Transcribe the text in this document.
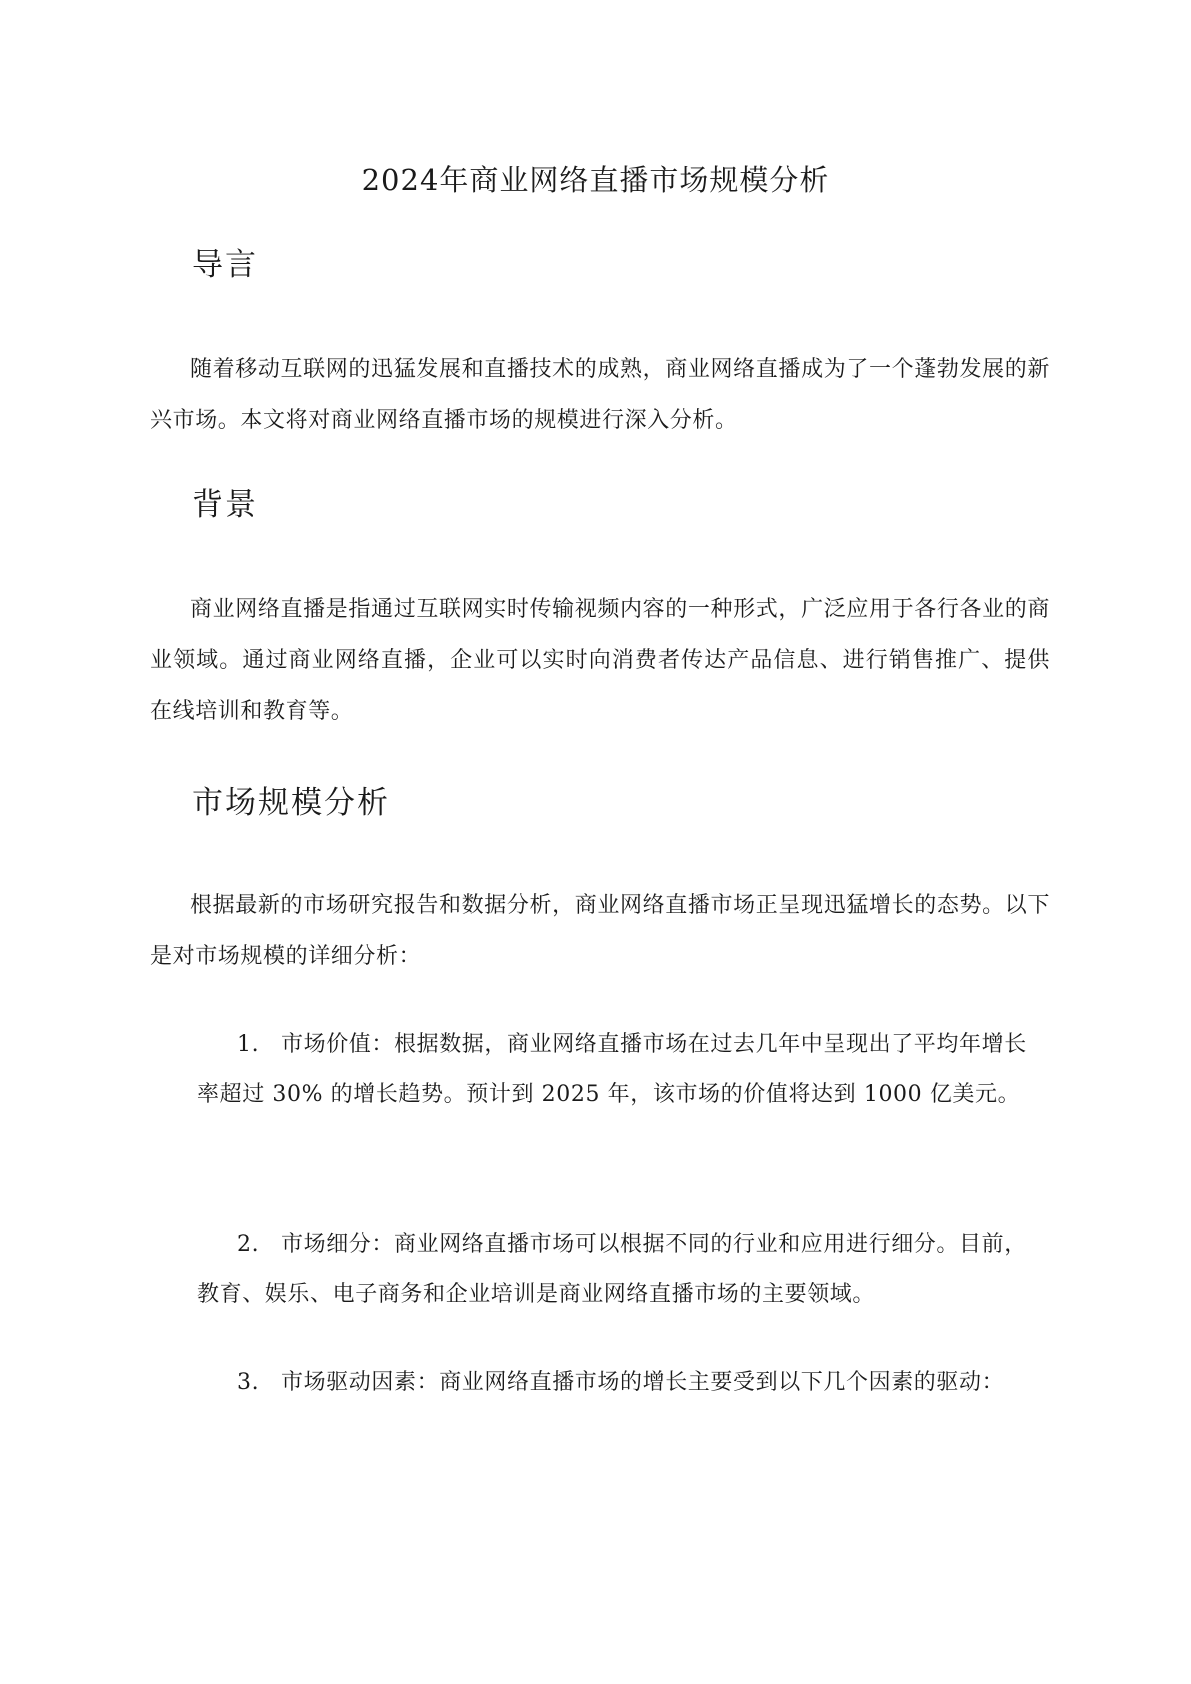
2024年商业网络直播市场规模分析
导言
随着移动互联网的迅猛发展和直播技术的成熟，商业网络直播成为了一个蓬勃发展的新兴市场。本文将对商业网络直播市场的规模进行深入分析。
背景
商业网络直播是指通过互联网实时传输视频内容的一种形式，广泛应用于各行各业的商业领域。通过商业网络直播，企业可以实时向消费者传达产品信息、进行销售推广、提供在线培训和教育等。
市场规模分析
根据最新的市场研究报告和数据分析，商业网络直播市场正呈现迅猛增长的态势。以下是对市场规模的详细分析：
1. 市场价值：根据数据，商业网络直播市场在过去几年中呈现出了平均年增长率超过 30% 的增长趋势。预计到 2025 年，该市场的价值将达到 1000 亿美元。
2. 市场细分：商业网络直播市场可以根据不同的行业和应用进行细分。目前，教育、娱乐、电子商务和企业培训是商业网络直播市场的主要领域。
3. 市场驱动因素：商业网络直播市场的增长主要受到以下几个因素的驱动：
